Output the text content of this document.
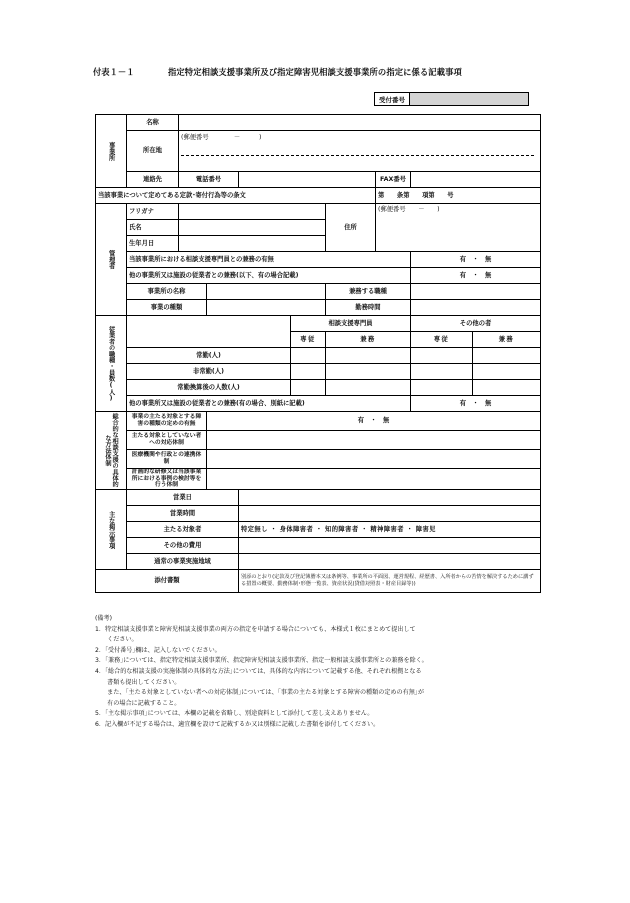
付表１－１	指定特定相談支援事業所及び指定障害児相談支援事業所の指定に係る記載事項
受付番号	
事業所	名称								
	所在地	(郵便番号　　　　－　　　)							

	連絡先	電話番号					FAX番号		
当該事業について定めてある定款･寄付行為等の条文							第　　条第　　項第　　号		
管理者	フリガナ					住所	(郵便番号　　－　　)		
	氏名								
	生年月日								
	当該事業所における相談支援専門員との兼務の有無							有　・　無	
	他の事業所又は施設の従業者との兼務(以下、有の場合記載)							有　・　無	
	事業所の名称					兼務する職種			
	事業の種類					勤務時間			
従業者の職種・員数(人)					相談支援専門員			その他の者	
					専従	兼務		専従	兼務
	常勤(人)								
	非常勤(人)								
	常勤換算後の人数(人)								
	他の事業所又は施設の従業者との兼務(有の場合、別紙に記載)							有　・　無	
総合的な相談支援の具体的な方法体制	事業の主たる対象とする障害の種類の定めの有無		有　・　無						
	主たる対象としていない者への対応体制								
	医療機関や行政との連携体制								
	計画的な研修又は当該事業所における事例の検討等を行う体制								
主な掲示事項	営業日								
	営業時間								
	主たる対象者			特定無し ・ 身体障害者 ・ 知的障害者 ・ 精神障害者 ・ 障害児					
	その他の費用								
	通常の事業実施地域								
添付書類				別添のとおり(定款及び登記簿謄本又は条例等、事業所の平面図、運営規程、経歴書、入所者からの苦情を解決するために講ずる措置の概要、勤務体制･形態一覧表、資産状況(貸借対照表・財産目録等))					
(備考)
1．特定相談支援事業と障害児相談支援事業の両方の指定を申請する場合についても、本様式１枚にまとめて提出して
　　ください。
2．｢受付番号｣欄は、記入しないでください。
3．｢兼務｣については、指定特定相談支援事業所、指定障害児相談支援事業所、指定一般相談支援事業所との兼務を除く。
4．｢総合的な相談支援の実施体制の具体的な方法｣については、具体的な内容について記載する他、それぞれ根拠となる
　　書類も提出してください。
　　また、｢主たる対象としていない者への対応体制｣については、｢事業の主たる対象とする障害の種類の定めの有無｣が
　　有の場合に記載すること。
5．｢主な掲示事項｣については、本欄の記載を省略し、別途資料として添付して差し支えありません。
6．記入欄が不足する場合は、適宜欄を設けて記載するか又は別様に記載した書類を添付してください。
